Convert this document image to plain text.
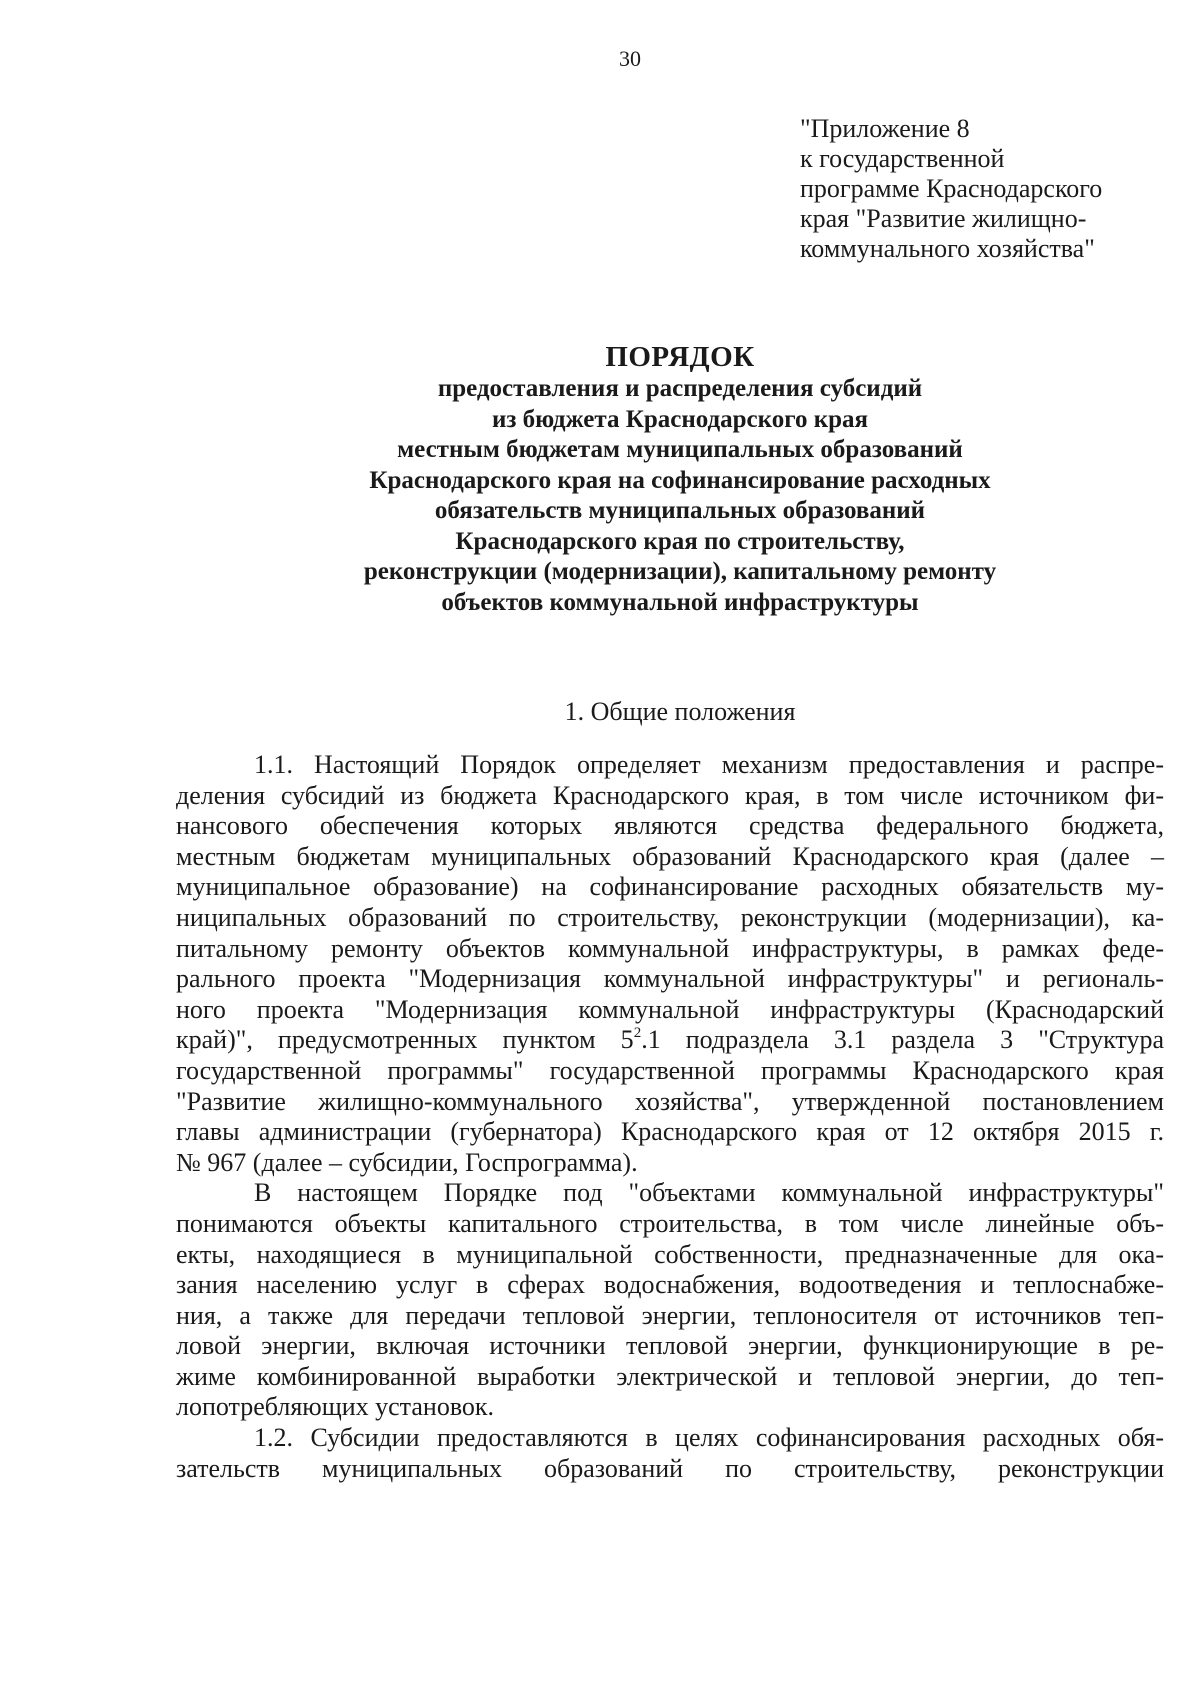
30
"Приложение 8
к государственной
программе Краснодарского
края "Развитие жилищно-
коммунального хозяйства"
ПОРЯДОК
предоставления и распределения субсидий
из бюджета Краснодарского края
местным бюджетам муниципальных образований
Краснодарского края на софинансирование расходных
обязательств муниципальных образований
Краснодарского края по строительству,
реконструкции (модернизации), капитальному ремонту
объектов коммунальной инфраструктуры
1. Общие положения

1.1. Настоящий Порядок определяет механизм предоставления и распре-
деления субсидий из бюджета Краснодарского края, в том числе источником фи-
нансового обеспечения которых являются средства федерального бюджета,
местным бюджетам муниципальных образований Краснодарского края (далее –
муниципальное образование) на софинансирование расходных обязательств му-
ниципальных образований по строительству, реконструкции (модернизации), ка-
питальному ремонту объектов коммунальной инфраструктуры, в рамках феде-
рального проекта "Модернизация коммунальной инфраструктуры" и региональ-
ного проекта "Модернизация коммунальной инфраструктуры (Краснодарский
край)", предусмотренных пунктом $5^2.1$ подраздела 3.1 раздела 3 "Структура
государственной программы" государственной программы Краснодарского края
"Развитие жилищно-коммунального хозяйства", утвержденной постановлением
главы администрации (губернатора) Краснодарского края от 12 октября 2015 г.
№ 967 (далее – субсидии, Госпрограмма).

В настоящем Порядке под "объектами коммунальной инфраструктуры"
понимаются объекты капитального строительства, в том числе линейные объ-
екты, находящиеся в муниципальной собственности, предназначенные для ока-
зания населению услуг в сферах водоснабжения, водоотведения и теплоснабже-
ния, а также для передачи тепловой энергии, теплоносителя от источников теп-
ловой энергии, включая источники тепловой энергии, функционирующие в ре-
жиме комбинированной выработки электрической и тепловой энергии, до теп-
лопотребляющих установок.

1.2. Субсидии предоставляются в целях софинансирования расходных обя-
зательств муниципальных образований по строительству, реконструкции
